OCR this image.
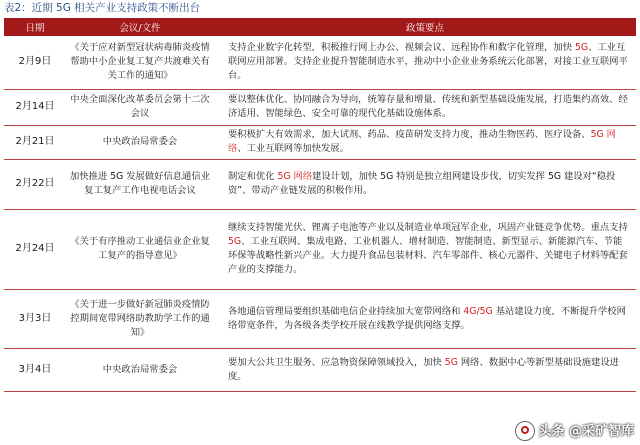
表2：近期 5G 相关产业支持政策不断出台
日期	会议/文件	政策要点
2月9日	《关于应对新型冠状病毒肺炎疫情帮助中小企业复工复产共渡难关有关工作的通知》	支持企业数字化转型，积极推行网上办公、视频会议、远程协作和数字化管理，加快 5G、工业互联网应用部署。支持企业提升智能制造水平，推动中小企业业务系统云化部署，对接工业互联网平台。
2月14日	中央全面深化改革委员会第十二次会议	要以整体优化、协同融合为导向，统筹存量和增量、传统和新型基础设施发展，打造集约高效、经济适用、智能绿色、安全可靠的现代化基础设施体系。
2月21日	中央政治局常委会	要积极扩大有效需求，加大试剂、药品、疫苗研发支持力度，推动生物医药、医疗设备、5G 网络、工业互联网等加快发展。
2月22日	加快推进 5G 发展做好信息通信业复工复产工作电视电话会议	制定和优化 5G 网络建设计划，加快 5G 特别是独立组网建设步伐，切实发挥 5G 建设对“稳投资”、带动产业链发展的积极作用。
2月24日	《关于有序推动工业通信业企业复工复产的指导意见》	继续支持智能光伏、锂离子电池等产业以及制造业单项冠军企业，巩固产业链竞争优势。重点支持 5G、工业互联网、集成电路、工业机器人、增材制造、智能制造、新型显示、新能源汽车、节能环保等战略性新兴产业。大力提升食品包装材料、汽车零部件、核心元器件、关键电子材料等配套产业的支撑能力。
3月3日	《关于进一步做好新冠肺炎疫情防控期间宽带网络助教助学工作的通知》	各地通信管理局要组织基础电信企业持续加大宽带网络和 4G/5G 基站建设力度，不断提升学校网络带宽条件，为各级各类学校开展在线教学提供网络支撑。
3月4日	中央政治局常委会	要加大公共卫生服务、应急物资保障领域投入，加快 5G 网络、数据中心等新型基础设施建设进度。
头条 @采矿智库
